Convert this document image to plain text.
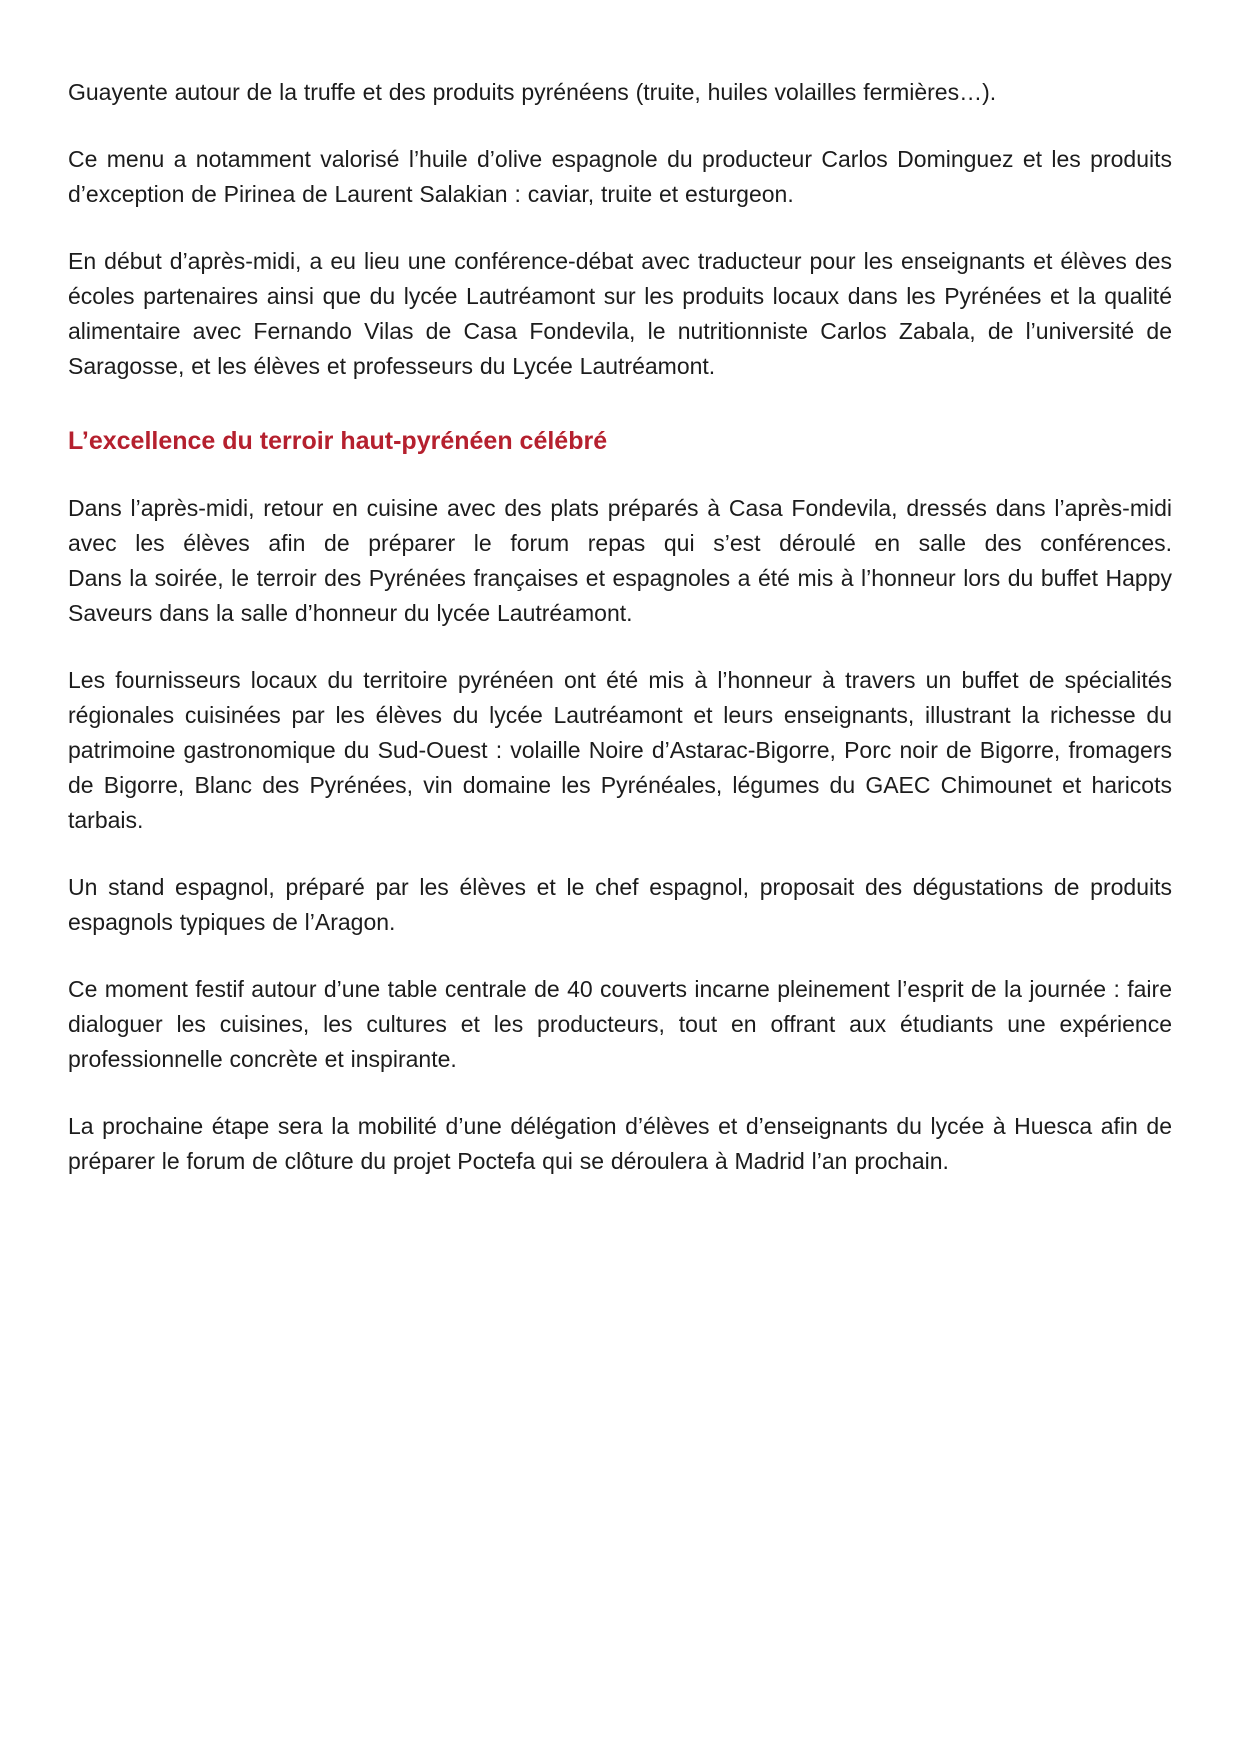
Guayente autour de la truffe et des produits pyrénéens (truite, huiles volailles fermières…).

Ce menu a notamment valorisé l’huile d’olive espagnole du producteur Carlos Dominguez et les produits d’exception de Pirinea de Laurent Salakian : caviar, truite et esturgeon.

En début d’après-midi, a eu lieu une conférence-débat avec traducteur pour les enseignants et élèves des écoles partenaires ainsi que du lycée Lautréamont sur les produits locaux dans les Pyrénées et la qualité alimentaire avec Fernando Vilas de Casa Fondevila, le nutritionniste Carlos Zabala, de l’université de Saragosse, et les élèves et professeurs du Lycée Lautréamont.

L’excellence du terroir haut-pyrénéen célébré

Dans l’après-midi, retour en cuisine avec des plats préparés à Casa Fondevila, dressés dans l’après-midi avec les élèves afin de préparer le forum repas qui s’est déroulé en salle des conférences.
Dans la soirée, le terroir des Pyrénées françaises et espagnoles a été mis à l’honneur lors du buffet Happy Saveurs dans la salle d’honneur du lycée Lautréamont.

Les fournisseurs locaux du territoire pyrénéen ont été mis à l’honneur à travers un buffet de spécialités régionales cuisinées par les élèves du lycée Lautréamont et leurs enseignants, illustrant la richesse du patrimoine gastronomique du Sud-Ouest : volaille Noire d’Astarac-Bigorre, Porc noir de Bigorre, fromagers de Bigorre, Blanc des Pyrénées, vin domaine les Pyrénéales, légumes du GAEC Chimounet et haricots tarbais.

Un stand espagnol, préparé par les élèves et le chef espagnol, proposait des dégustations de produits espagnols typiques de l’Aragon.

Ce moment festif autour d’une table centrale de 40 couverts incarne pleinement l’esprit de la journée : faire dialoguer les cuisines, les cultures et les producteurs, tout en offrant aux étudiants une expérience professionnelle concrète et inspirante.

La prochaine étape sera la mobilité d’une délégation d’élèves et d’enseignants du lycée à Huesca afin de préparer le forum de clôture du projet Poctefa qui se déroulera à Madrid l’an prochain.
